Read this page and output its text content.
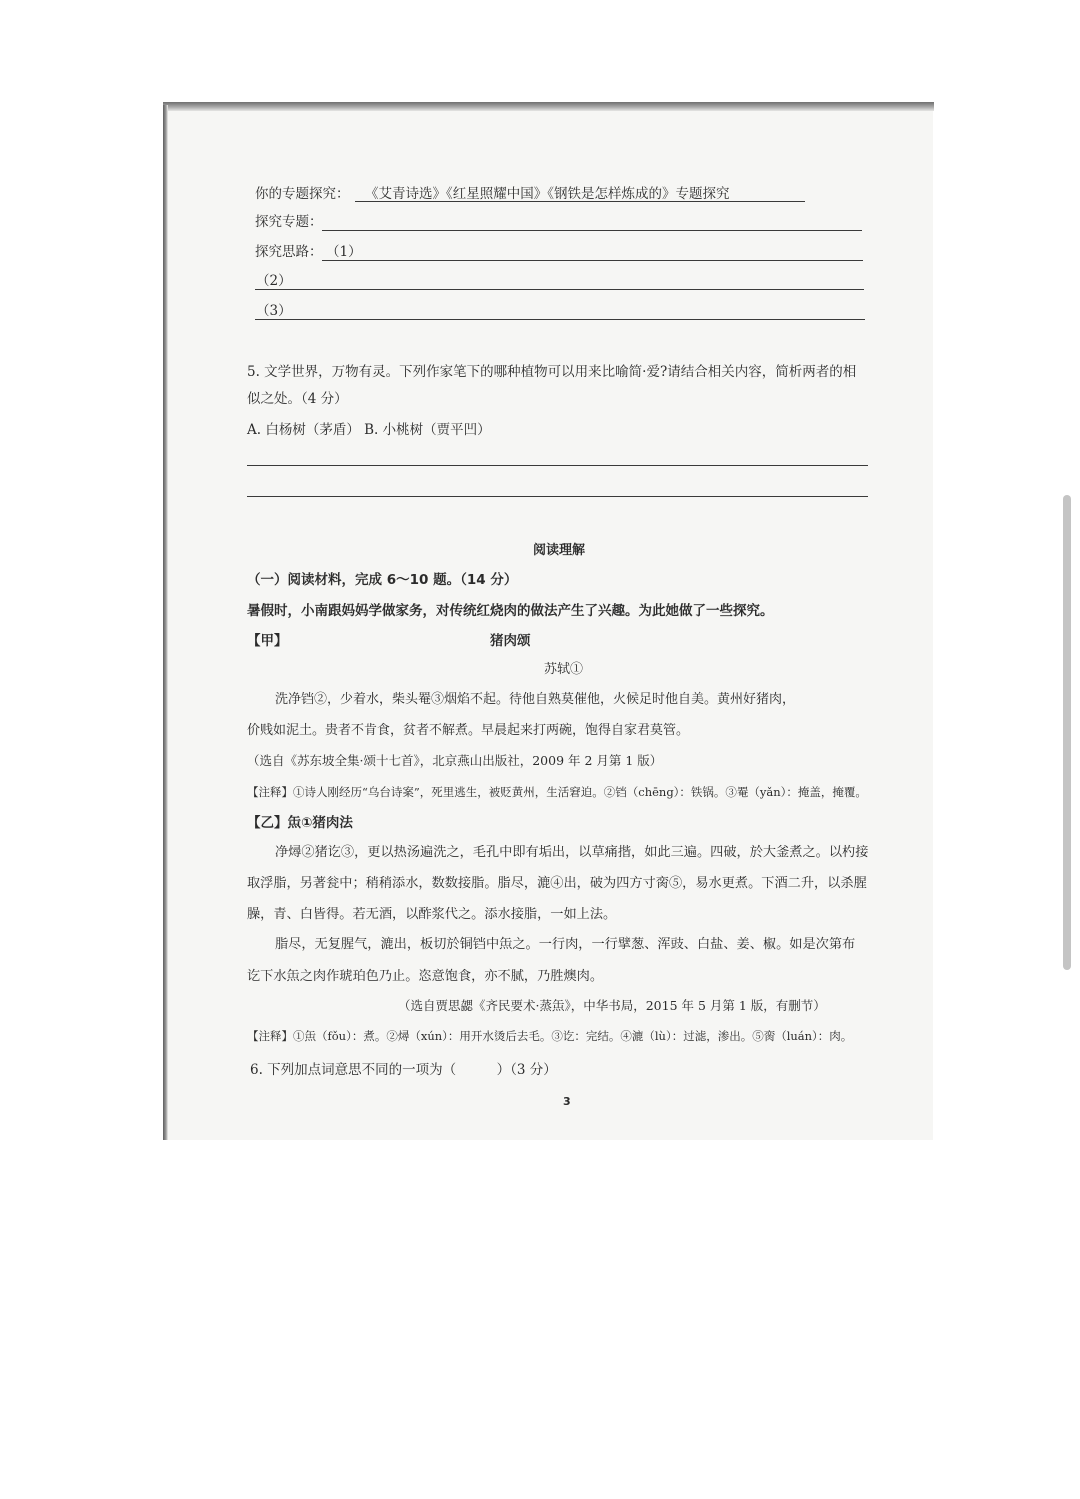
你的专题探究： 《艾青诗选》《红星照耀中国》《钢铁是怎样炼成的》专题探究
探究专题：
探究思路： （1）
（2）
（3）
5. 文学世界，万物有灵。下列作家笔下的哪种植物可以用来比喻简·爱?请结合相关内容，简析两者的相
似之处。（4 分）
A. 白杨树（茅盾） B. 小桃树（贾平凹）
阅读理解
（一）阅读材料，完成 6～10 题。（14 分）
暑假时，小南跟妈妈学做家务，对传统红烧肉的做法产生了兴趣。为此她做了一些探究。
【甲】	猪肉颂
苏轼①
洗净铛②，少着水，柴头罨③烟焰不起。待他自熟莫催他，火候足时他自美。黄州好猪肉，
价贱如泥土。贵者不肯食，贫者不解煮。早晨起来打两碗，饱得自家君莫管。
（选自《苏东坡全集·颂十七首》，北京燕山出版社，2009 年 2 月第 1 版）
【注释】①诗人刚经历“乌台诗案”，死里逃生，被贬黄州，生活窘迫。②铛（chēng）：铁锅。③罨（yǎn）：掩盖，掩覆。
【乙】缹①猪肉法
净燖②猪讫③，更以热汤遍洗之，毛孔中即有垢出，以草痛揩，如此三遍。四破，於大釜煮之。以杓接
取浮脂，另著瓮中；稍稍添水，数数接脂。脂尽，漉④出，破为四方寸脔⑤，易水更煮。下酒二升，以杀腥
臊，青、白皆得。若无酒，以酢浆代之。添水接脂，一如上法。
脂尽，无复腥气，漉出，板切於铜铛中缹之。一行肉，一行擘葱、浑豉、白盐、姜、椒。如是次第布
讫下水缹之肉作琥珀色乃止。恣意饱食，亦不腻，乃胜燠肉。
（选自贾思勰《齐民要术·蒸缹》，中华书局，2015 年 5 月第 1 版，有删节）
【注释】①缹（fǒu）：煮。②燖（xún）：用开水烫后去毛。③讫：完结。④漉（lù）：过滤，渗出。⑤脔（luán）：肉。
6. 下列加点词意思不同的一项为（　　　）（3 分）
3
